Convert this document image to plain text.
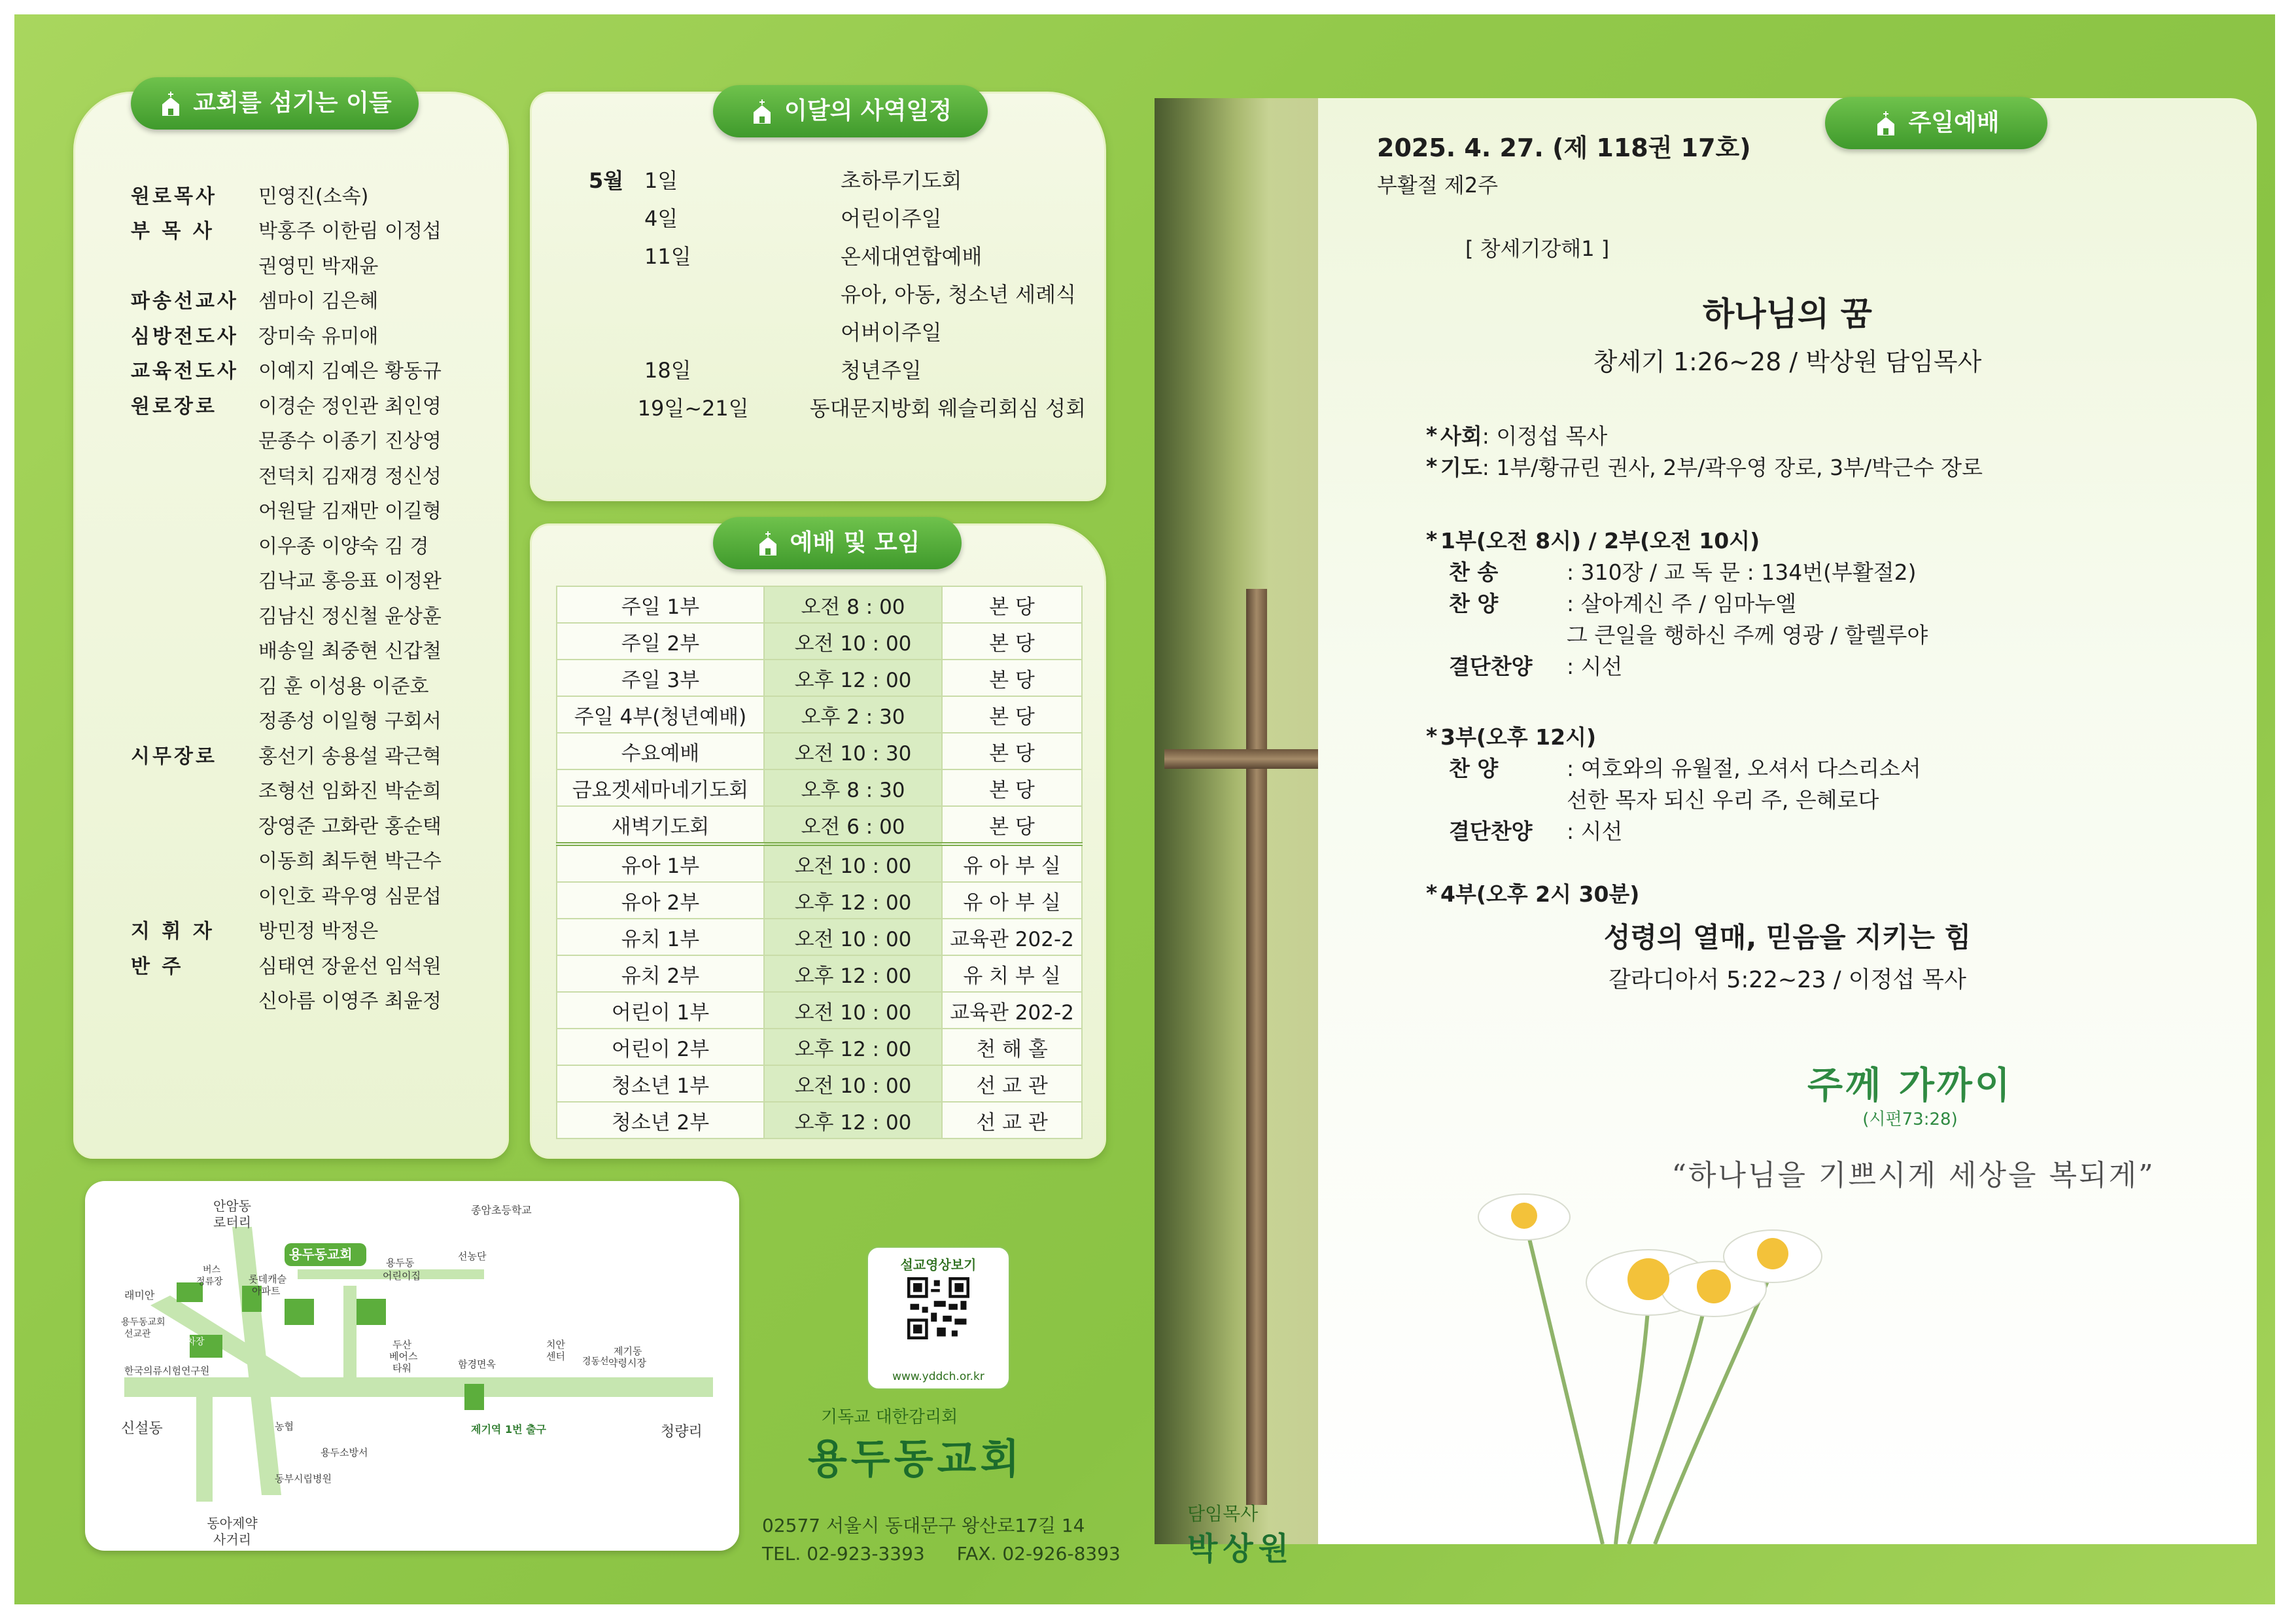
교회를 섬기는 이들
원로목사	민영진(소속)
부 목 사	박홍주 이한림 이정섭
권영민 박재윤
파송선교사	셈마이 김은혜
심방전도사	장미숙 유미애
교육전도사	이예지 김예은 황동규
원로장로	이경순 정인관 최인영
문종수 이종기 진상영
전덕치 김재경 정신성
어원달 김재만 이길형
이우종 이양숙 김 경
김낙교 홍응표 이정완
김남신 정신철 윤상훈
배송일 최중현 신갑철
김 훈 이성용 이준호
정종성 이일형 구회서
시무장로	홍선기 송용설 곽근혁
조형선 임화진 박순희
장영준 고화란 홍순택
이동희 최두현 박근수
이인호 곽우영 심문섭
지 휘 자	방민정 박정은
반 주	심태연 장윤선 임석원
신아름 이영주 최윤정
이달의 사역일정
5월 1일	초하루기도회
4일	어린이주일
11일	온세대연합예배
유아, 아동, 청소년 세례식
어버이주일
18일	청년주일
19일~21일	동대문지방회 웨슬리회심 성회
예배 및 모임
주일 1부	오전 8 : 00	본 당
주일 2부	오전 10 : 00	본 당
주일 3부	오후 12 : 00	본 당
주일 4부(청년예배)	오후 2 : 30	본 당
수요예배	오전 10 : 30	본 당
금요겟세마네기도회	오후 8 : 30	본 당
새벽기도회	오전 6 : 00	본 당
유아 1부	오전 10 : 00	유 아 부 실
유아 2부	오후 12 : 00	유 아 부 실
유치 1부	오전 10 : 00	교육관 202-2
유치 2부	오후 12 : 00	유 치 부 실
어린이 1부	오전 10 : 00	교육관 202-2
어린이 2부	오후 12 : 00	천 해 홀
청소년 1부	오전 10 : 00	선 교 관
청소년 2부	오후 12 : 00	선 교 관
안암동
로터리
종암초등학교
용두동교회
용두동
어린이집
선농단
래미안
버스
정류장	롯데캐슬
아파트
주차장
용두동교회
선교관
한국의류시험연구원
두산
베어스
타워	함경면옥
치안
센터 경동선
제기동
약령시장
신설동	청량리
농협	제기역 1번 출구
용두소방서
동부시립병원
동아제약
사거리
설교영상보기
www.yddch.or.kr
기독교 대한감리회
용두동교회
02577 서울시 동대문구 왕산로17길 14
TEL. 02-923-3393 FAX. 02-926-8393
담임목사
박상원
주일예배
2025. 4. 27. (제 118권 17호)
부활절 제2주
[ 창세기강해1 ]
하나님의 꿈
창세기 1:26~28 / 박상원 담임목사
* 사회 : 이정섭 목사
* 기도 : 1부/황규린 권사, 2부/곽우영 장로, 3부/박근수 장로
* 1부(오전 8시) / 2부(오전 10시)
찬 송	: 310장 / 교 독 문 : 134번(부활절2)
찬 양	: 살아계신 주 / 임마누엘
그 큰일을 행하신 주께 영광 / 할렐루야
결단찬양	: 시선
* 3부(오후 12시)
찬 양	: 여호와의 유월절, 오셔서 다스리소서
선한 목자 되신 우리 주, 은혜로다
결단찬양	: 시선
* 4부(오후 2시 30분)
성령의 열매, 믿음을 지키는 힘
갈라디아서 5:22~23 / 이정섭 목사
주께 가까이
(시편73:28)
“하나님을 기쁘시게 세상을 복되게”
